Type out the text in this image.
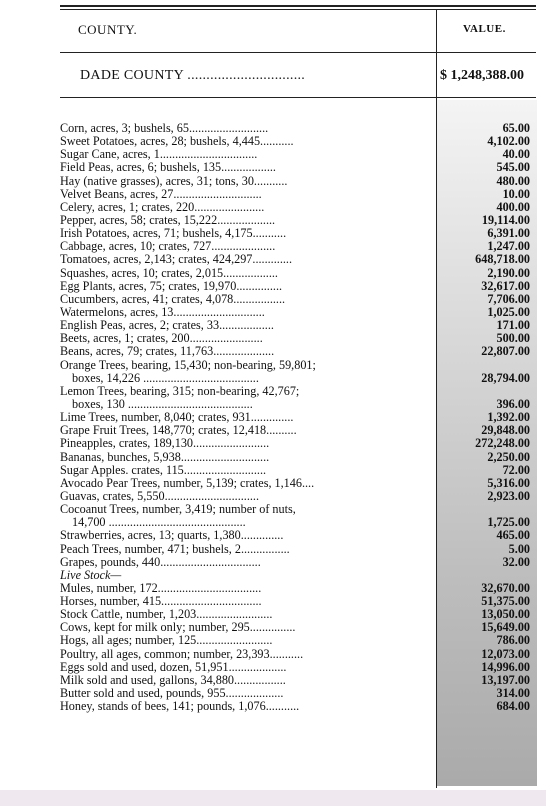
COUNTY.	VALUE.
DADE COUNTY ...............................	$ 1,248,388.00
Corn, acres, 3; bushels, 65..........................	65.00
Sweet Potatoes, acres, 28; bushels, 4,445...........	4,102.00
Sugar Cane, acres, 1................................	40.00
Field Peas, acres, 6; bushels, 135..................	545.00
Hay (native grasses), acres, 31; tons, 30...........	480.00
Velvet Beans, acres, 27.............................	10.00
Celery, acres, 1; crates, 220.......................	400.00
Pepper, acres, 58; crates, 15,222...................	19,114.00
Irish Potatoes, acres, 71; bushels, 4,175...........	6,391.00
Cabbage, acres, 10; crates, 727.....................	1,247.00
Tomatoes, acres, 2,143; crates, 424,297.............	648,718.00
Squashes, acres, 10; crates, 2,015..................	2,190.00
Egg Plants, acres, 75; crates, 19,970...............	32,617.00
Cucumbers, acres, 41; crates, 4,078.................	7,706.00
Watermelons, acres, 13..............................	1,025.00
English Peas, acres, 2; crates, 33..................	171.00
Beets, acres, 1; crates, 200........................	500.00
Beans, acres, 79; crates, 11,763....................	22,807.00
Orange Trees, bearing, 15,430; non-bearing, 59,801;
boxes, 14,226 ......................................	28,794.00
Lemon Trees, bearing, 315; non-bearing, 42,767;
boxes, 130 .........................................	396.00
Lime Trees, number, 8,040; crates, 931..............	1,392.00
Grape Fruit Trees, 148,770; crates, 12,418..........	29,848.00
Pineapples, crates, 189,130.........................	272,248.00
Bananas, bunches, 5,938.............................	2,250.00
Sugar Apples. crates, 115...........................	72.00
Avocado Pear Trees, number, 5,139; crates, 1,146....	5,316.00
Guavas, crates, 5,550...............................	2,923.00
Cocoanut Trees, number, 3,419; number of nuts,
14,700 .............................................	1,725.00
Strawberries, acres, 13; quarts, 1,380..............	465.00
Peach Trees, number, 471; bushels, 2................	5.00
Grapes, pounds, 440.................................	32.00
Live Stock—
Mules, number, 172..................................	32,670.00
Horses, number, 415.................................	51,375.00
Stock Cattle, number, 1,203.........................	13,050.00
Cows, kept for milk only; number, 295...............	15,649.00
Hogs, all ages; number, 125.........................	786.00
Poultry, all ages, common; number, 23,393...........	12,073.00
Eggs sold and used, dozen, 51,951...................	14,996.00
Milk sold and used, gallons, 34,880.................	13,197.00
Butter sold and used, pounds, 955...................	314.00
Honey, stands of bees, 141; pounds, 1,076...........	684.00
